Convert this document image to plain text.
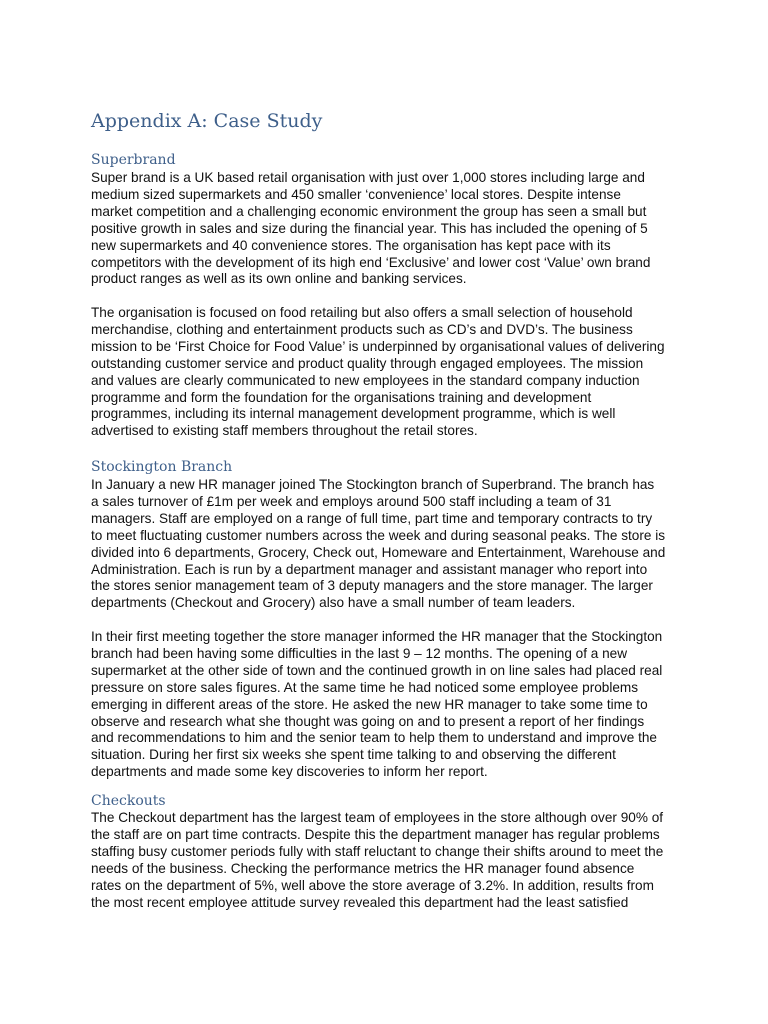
Appendix A: Case Study
Superbrand

Super brand is a UK based retail organisation with just over 1,000 stores including large and
medium sized supermarkets and 450 smaller ‘convenience’ local stores. Despite intense
market competition and a challenging economic environment the group has seen a small but
positive growth in sales and size during the financial year. This has included the opening of 5
new supermarkets and 40 convenience stores. The organisation has kept pace with its
competitors with the development of its high end ‘Exclusive’ and lower cost ‘Value’ own brand
product ranges as well as its own online and banking services.

The organisation is focused on food retailing but also offers a small selection of household
merchandise, clothing and entertainment products such as CD’s and DVD’s. The business
mission to be ‘First Choice for Food Value’ is underpinned by organisational values of delivering
outstanding customer service and product quality through engaged employees. The mission
and values are clearly communicated to new employees in the standard company induction
programme and form the foundation for the organisations training and development
programmes, including its internal management development programme, which is well
advertised to existing staff members throughout the retail stores.

Stockington Branch

In January a new HR manager joined The Stockington branch of Superbrand. The branch has
a sales turnover of £1m per week and employs around 500 staff including a team of 31
managers. Staff are employed on a range of full time, part time and temporary contracts to try
to meet fluctuating customer numbers across the week and during seasonal peaks. The store is
divided into 6 departments, Grocery, Check out, Homeware and Entertainment, Warehouse and
Administration. Each is run by a department manager and assistant manager who report into
the stores senior management team of 3 deputy managers and the store manager. The larger
departments (Checkout and Grocery) also have a small number of team leaders.

In their first meeting together the store manager informed the HR manager that the Stockington
branch had been having some difficulties in the last 9 – 12 months. The opening of a new
supermarket at the other side of town and the continued growth in on line sales had placed real
pressure on store sales figures. At the same time he had noticed some employee problems
emerging in different areas of the store. He asked the new HR manager to take some time to
observe and research what she thought was going on and to present a report of her findings
and recommendations to him and the senior team to help them to understand and improve the
situation. During her first six weeks she spent time talking to and observing the different
departments and made some key discoveries to inform her report.

Checkouts

The Checkout department has the largest team of employees in the store although over 90% of
the staff are on part time contracts. Despite this the department manager has regular problems
staffing busy customer periods fully with staff reluctant to change their shifts around to meet the
needs of the business. Checking the performance metrics the HR manager found absence
rates on the department of 5%, well above the store average of 3.2%. In addition, results from
the most recent employee attitude survey revealed this department had the least satisfied
